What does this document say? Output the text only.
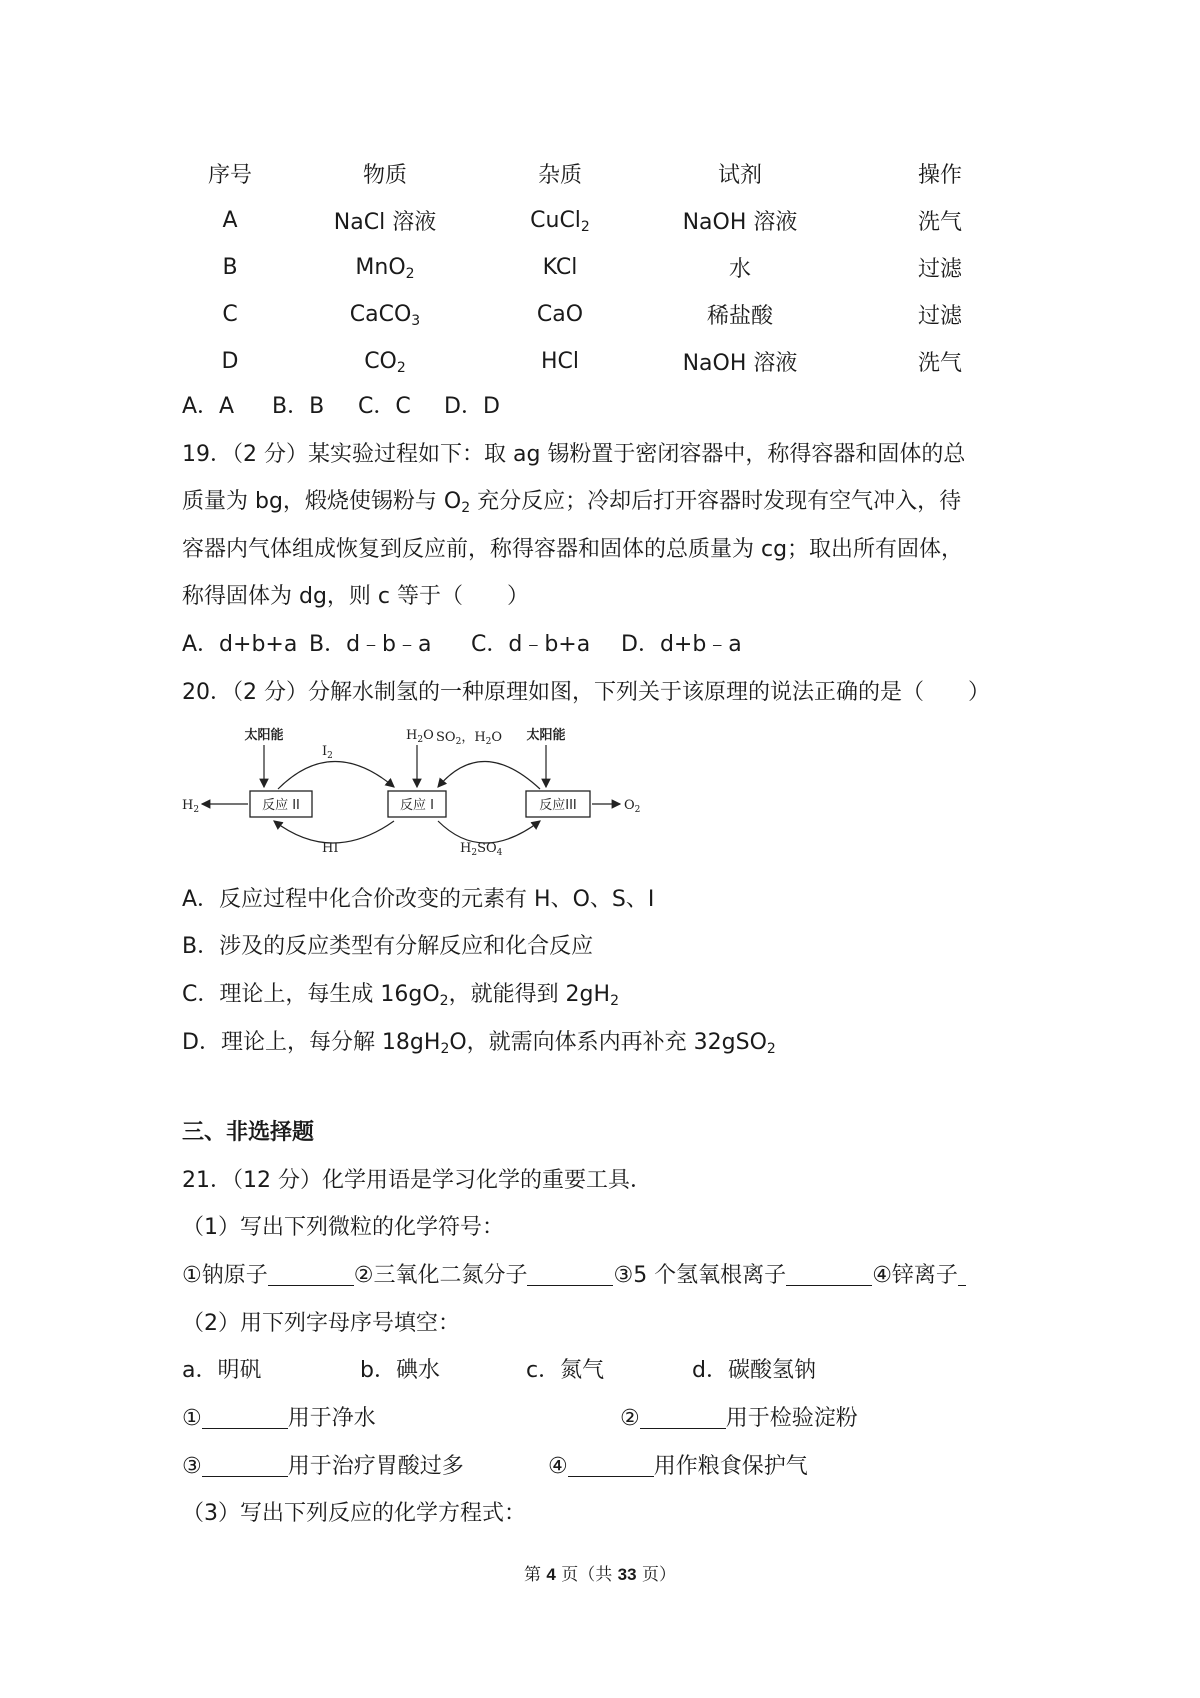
序号	物质	杂质	试剂	操作
A	NaCl 溶液	CuCl$_2$	NaOH 溶液	洗气
B	MnO$_2$	KCl	水	过滤
C	CaCO$_3$	CaO	稀盐酸	过滤
D	$CO_2$	HCl	NaOH 溶液	洗气
A．A B．B C．C D．D
19．（2 分）某实验过程如下：取 ag 锡粉置于密闭容器中，称得容器和固体的总
质量为 bg，煅烧使锡粉与 $O_2$ 充分反应；冷却后打开容器时发现有空气冲入，待
容器内气体组成恢复到反应前，称得容器和固体的总质量为 cg；取出所有固体，
称得固体为 dg，则 c 等于（　　）
A．d+b+a B．d﹣b﹣a C．d﹣b+a D．d+b﹣a
20．（2 分）分解水制氢的一种原理如图，下列关于该原理的说法正确的是（　　）
反应 II	反应 I	反应III
太阳能	太阳能
$H_2O$
$I_2$
HI
$SO_2$，$H_2O$
$H_2SO_4$
$H_2$	$O_2$
A．反应过程中化合价改变的元素有 H、O、S、I
B．涉及的反应类型有分解反应和化合反应
C．理论上，每生成 $16gO_2$，就能得到 $2gH_2$
D．理论上，每分解 $18gH_2O$，就需向体系内再补充 32gSO$_2$
三、非选择题
21．（12 分）化学用语是学习化学的重要工具．
（1）写出下列微粒的化学符号：
①钠原子	②三氧化二氮分子	③5 个氢氧根离子	④锌离子
（2）用下列字母序号填空：
a．明矾	b．碘水	c．氮气	d．碳酸氢钠
①	用于净水	②	用于检验淀粉
③	用于治疗胃酸过多	④	用作粮食保护气
（3）写出下列反应的化学方程式：
第 4 页（共 33 页）
